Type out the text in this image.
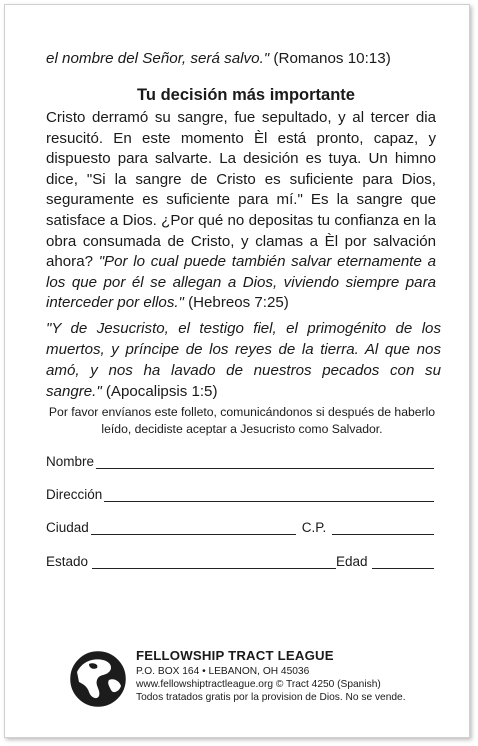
el nombre del Señor, será salvo." (Romanos 10:13)
Tu decisión más importante
Cristo derramó su sangre, fue sepultado, y al tercer dia resucitó. En este momento Èl está pronto, capaz, y dispuesto para salvarte. La desición es tuya. Un himno dice, "Si la sangre de Cristo es suficiente para Dios, seguramente es suficiente para mí." Es la sangre que satisface a Dios. ¿Por qué no depositas tu confianza en la obra consumada de Cristo, y clamas a Èl por salvación ahora? "Por lo cual puede también salvar eternamente a los que por él se allegan a Dios, viviendo siempre para interceder por ellos." (Hebreos 7:25)
"Y de Jesucristo, el testigo fiel, el primogénito de los muertos, y príncipe de los reyes de la tierra. Al que nos amó, y nos ha lavado de nuestros pecados con su sangre." (Apocalipsis 1:5)
Por favor envíanos este folleto, comunicándonos si después de haberlo leído, decidiste aceptar a Jesucristo como Salvador.
Nombre
Dirección
Ciudad	C.P.
Estado	Edad
FELLOWSHIP TRACT LEAGUE
P.O. BOX 164 • LEBANON, OH 45036
www.fellowshiptractleague.org © Tract 4250 (Spanish)
Todos tratados gratis por la provision de Dios. No se vende.
